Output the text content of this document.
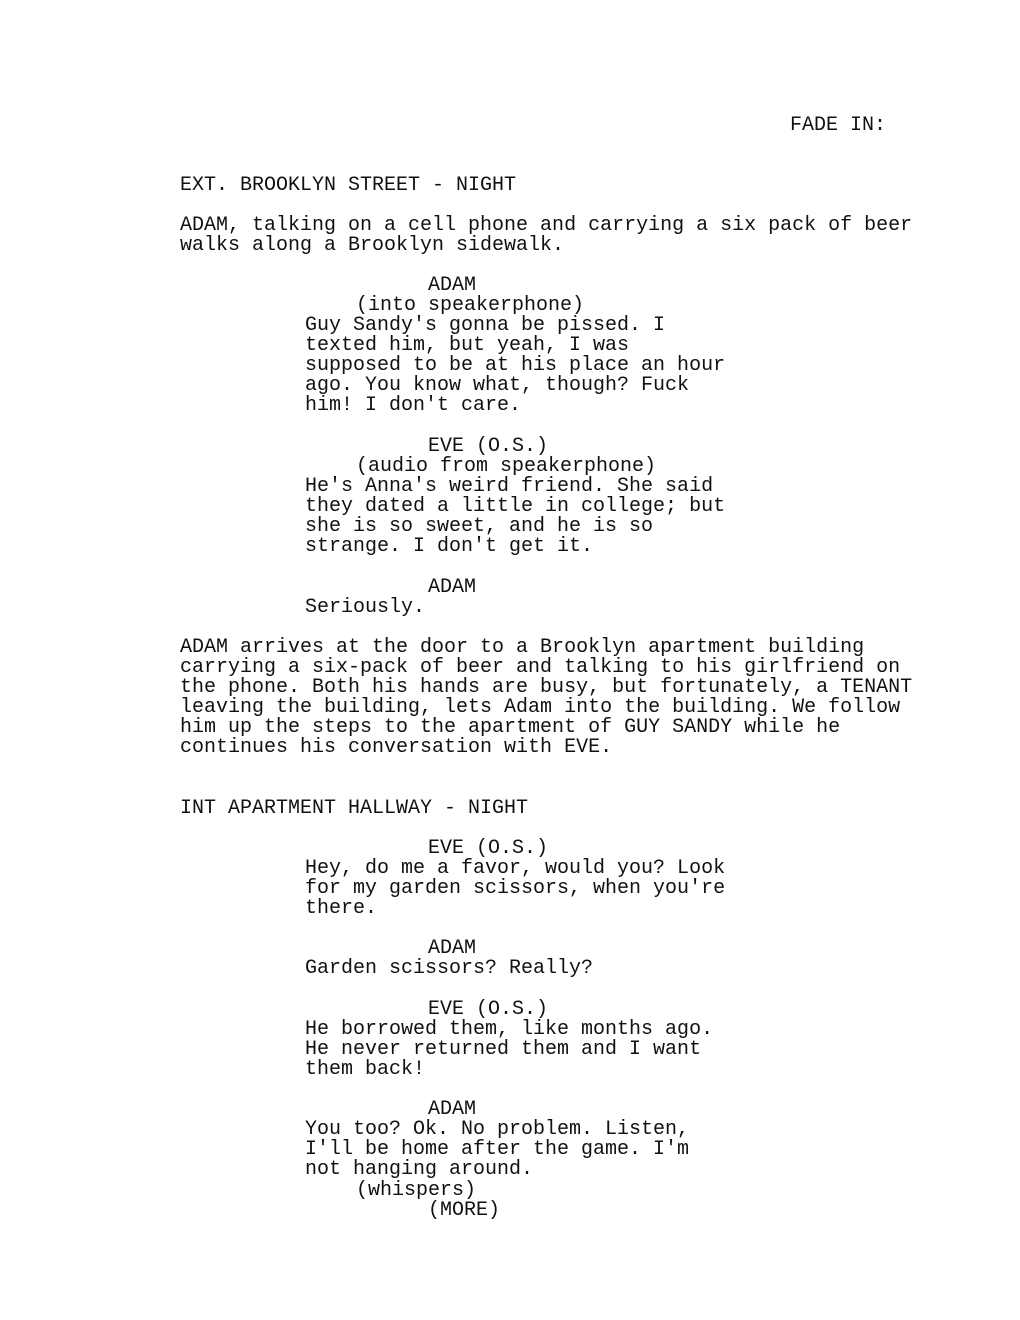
FADE IN:
EXT. BROOKLYN STREET - NIGHT
ADAM, talking on a cell phone and carrying a six pack of beer
walks along a Brooklyn sidewalk.
ADAM
(into speakerphone)
Guy Sandy's gonna be pissed. I
texted him, but yeah, I was
supposed to be at his place an hour
ago. You know what, though? Fuck
him! I don't care.
EVE (O.S.)
(audio from speakerphone)
He's Anna's weird friend. She said
they dated a little in college; but
she is so sweet, and he is so
strange. I don't get it.
ADAM
Seriously.
ADAM arrives at the door to a Brooklyn apartment building
carrying a six-pack of beer and talking to his girlfriend on
the phone. Both his hands are busy, but fortunately, a TENANT
leaving the building, lets Adam into the building. We follow
him up the steps to the apartment of GUY SANDY while he
continues his conversation with EVE.
INT APARTMENT HALLWAY - NIGHT
EVE (O.S.)
Hey, do me a favor, would you? Look
for my garden scissors, when you're
there.
ADAM
Garden scissors? Really?
EVE (O.S.)
He borrowed them, like months ago.
He never returned them and I want
them back!
ADAM
You too? Ok. No problem. Listen,
I'll be home after the game. I'm
not hanging around.
(whispers)
(MORE)
